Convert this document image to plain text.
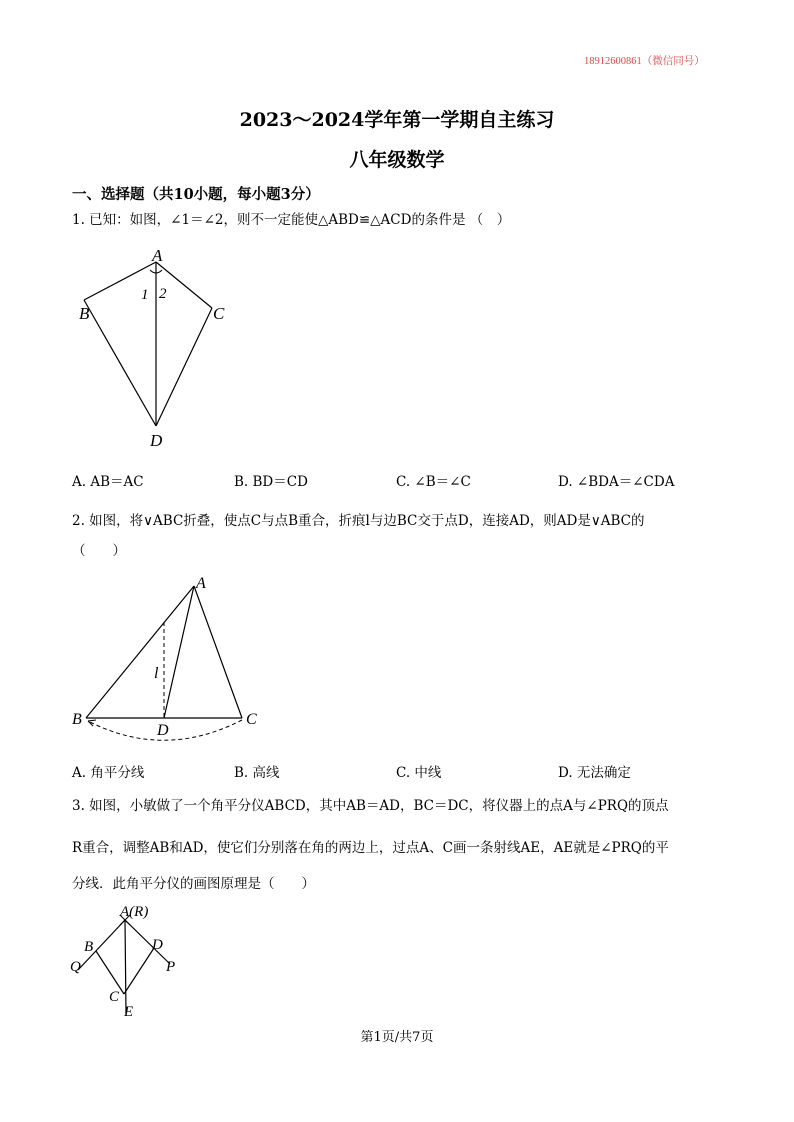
18912600861（微信同号）
2023～2024学年第一学期自主练习
八年级数学
一、选择题（共10小题，每小题3分）
1. 已知：如图，∠1＝∠2，则不一定能使△ABD≌△ACD的条件是 （　）
A
B	C
D
1 2
A. AB＝AC	B. BD＝CD	C. ∠B＝∠C	D. ∠BDA＝∠CDA
2. 如图，将∨ABC折叠，使点C与点B重合，折痕l与边BC交于点D，连接AD，则AD是∨ABC的
（　　）
A
B	C
D
l
A. 角平分线	B. 高线	C. 中线	D. 无法确定
3. 如图，小敏做了一个角平分仪ABCD，其中AB＝AD，BC＝DC，将仪器上的点A与∠PRQ的顶点
R重合，调整AB和AD，使它们分别落在角的两边上，过点A、C画一条射线AE，AE就是∠PRQ的平
分线．此角平分仪的画图原理是（　　）
A(R)
B	D
Q	P
C
E
第1页/共7页
